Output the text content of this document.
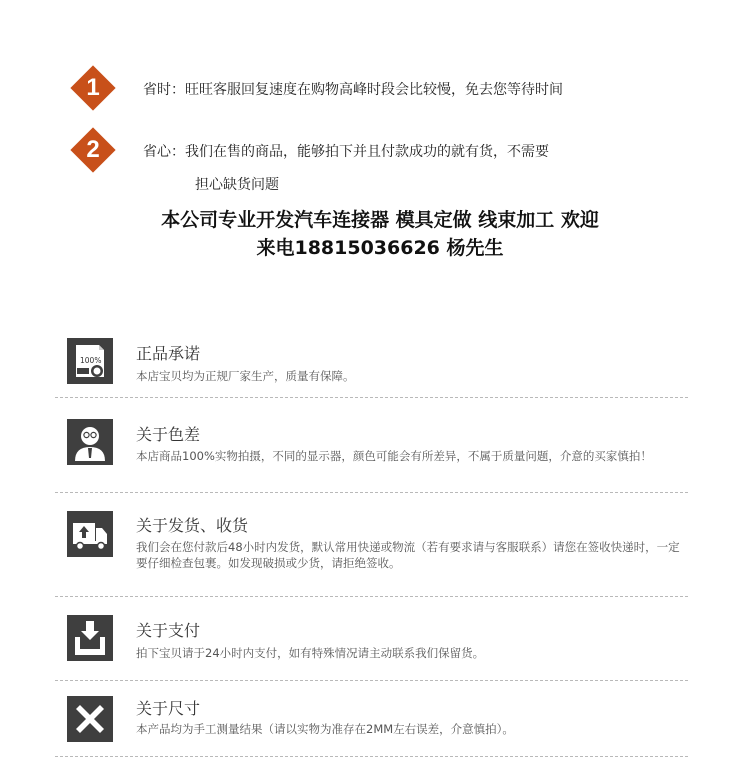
1	省时：旺旺客服回复速度在购物高峰时段会比较慢，免去您等待时间
2	省心：我们在售的商品，能够拍下并且付款成功的就有货，不需要
担心缺货问题
本公司专业开发汽车连接器 模具定做 线束加工 欢迎
来电18815036626 杨先生
100% 正品承诺
本店宝贝均为正规厂家生产，质量有保障。
关于色差
本店商品100%实物拍摄，不同的显示器，颜色可能会有所差异，不属于质量问题，介意的买家慎拍！
关于发货、收货
我们会在您付款后48小时内发货，默认常用快递或物流（若有要求请与客服联系）请您在签收快递时，一定要仔细检查包裹。如发现破损或少货，请拒绝签收。
关于支付
拍下宝贝请于24小时内支付，如有特殊情况请主动联系我们保留货。
关于尺寸
本产品均为手工测量结果（请以实物为准存在2MM左右误差，介意慎拍）。
